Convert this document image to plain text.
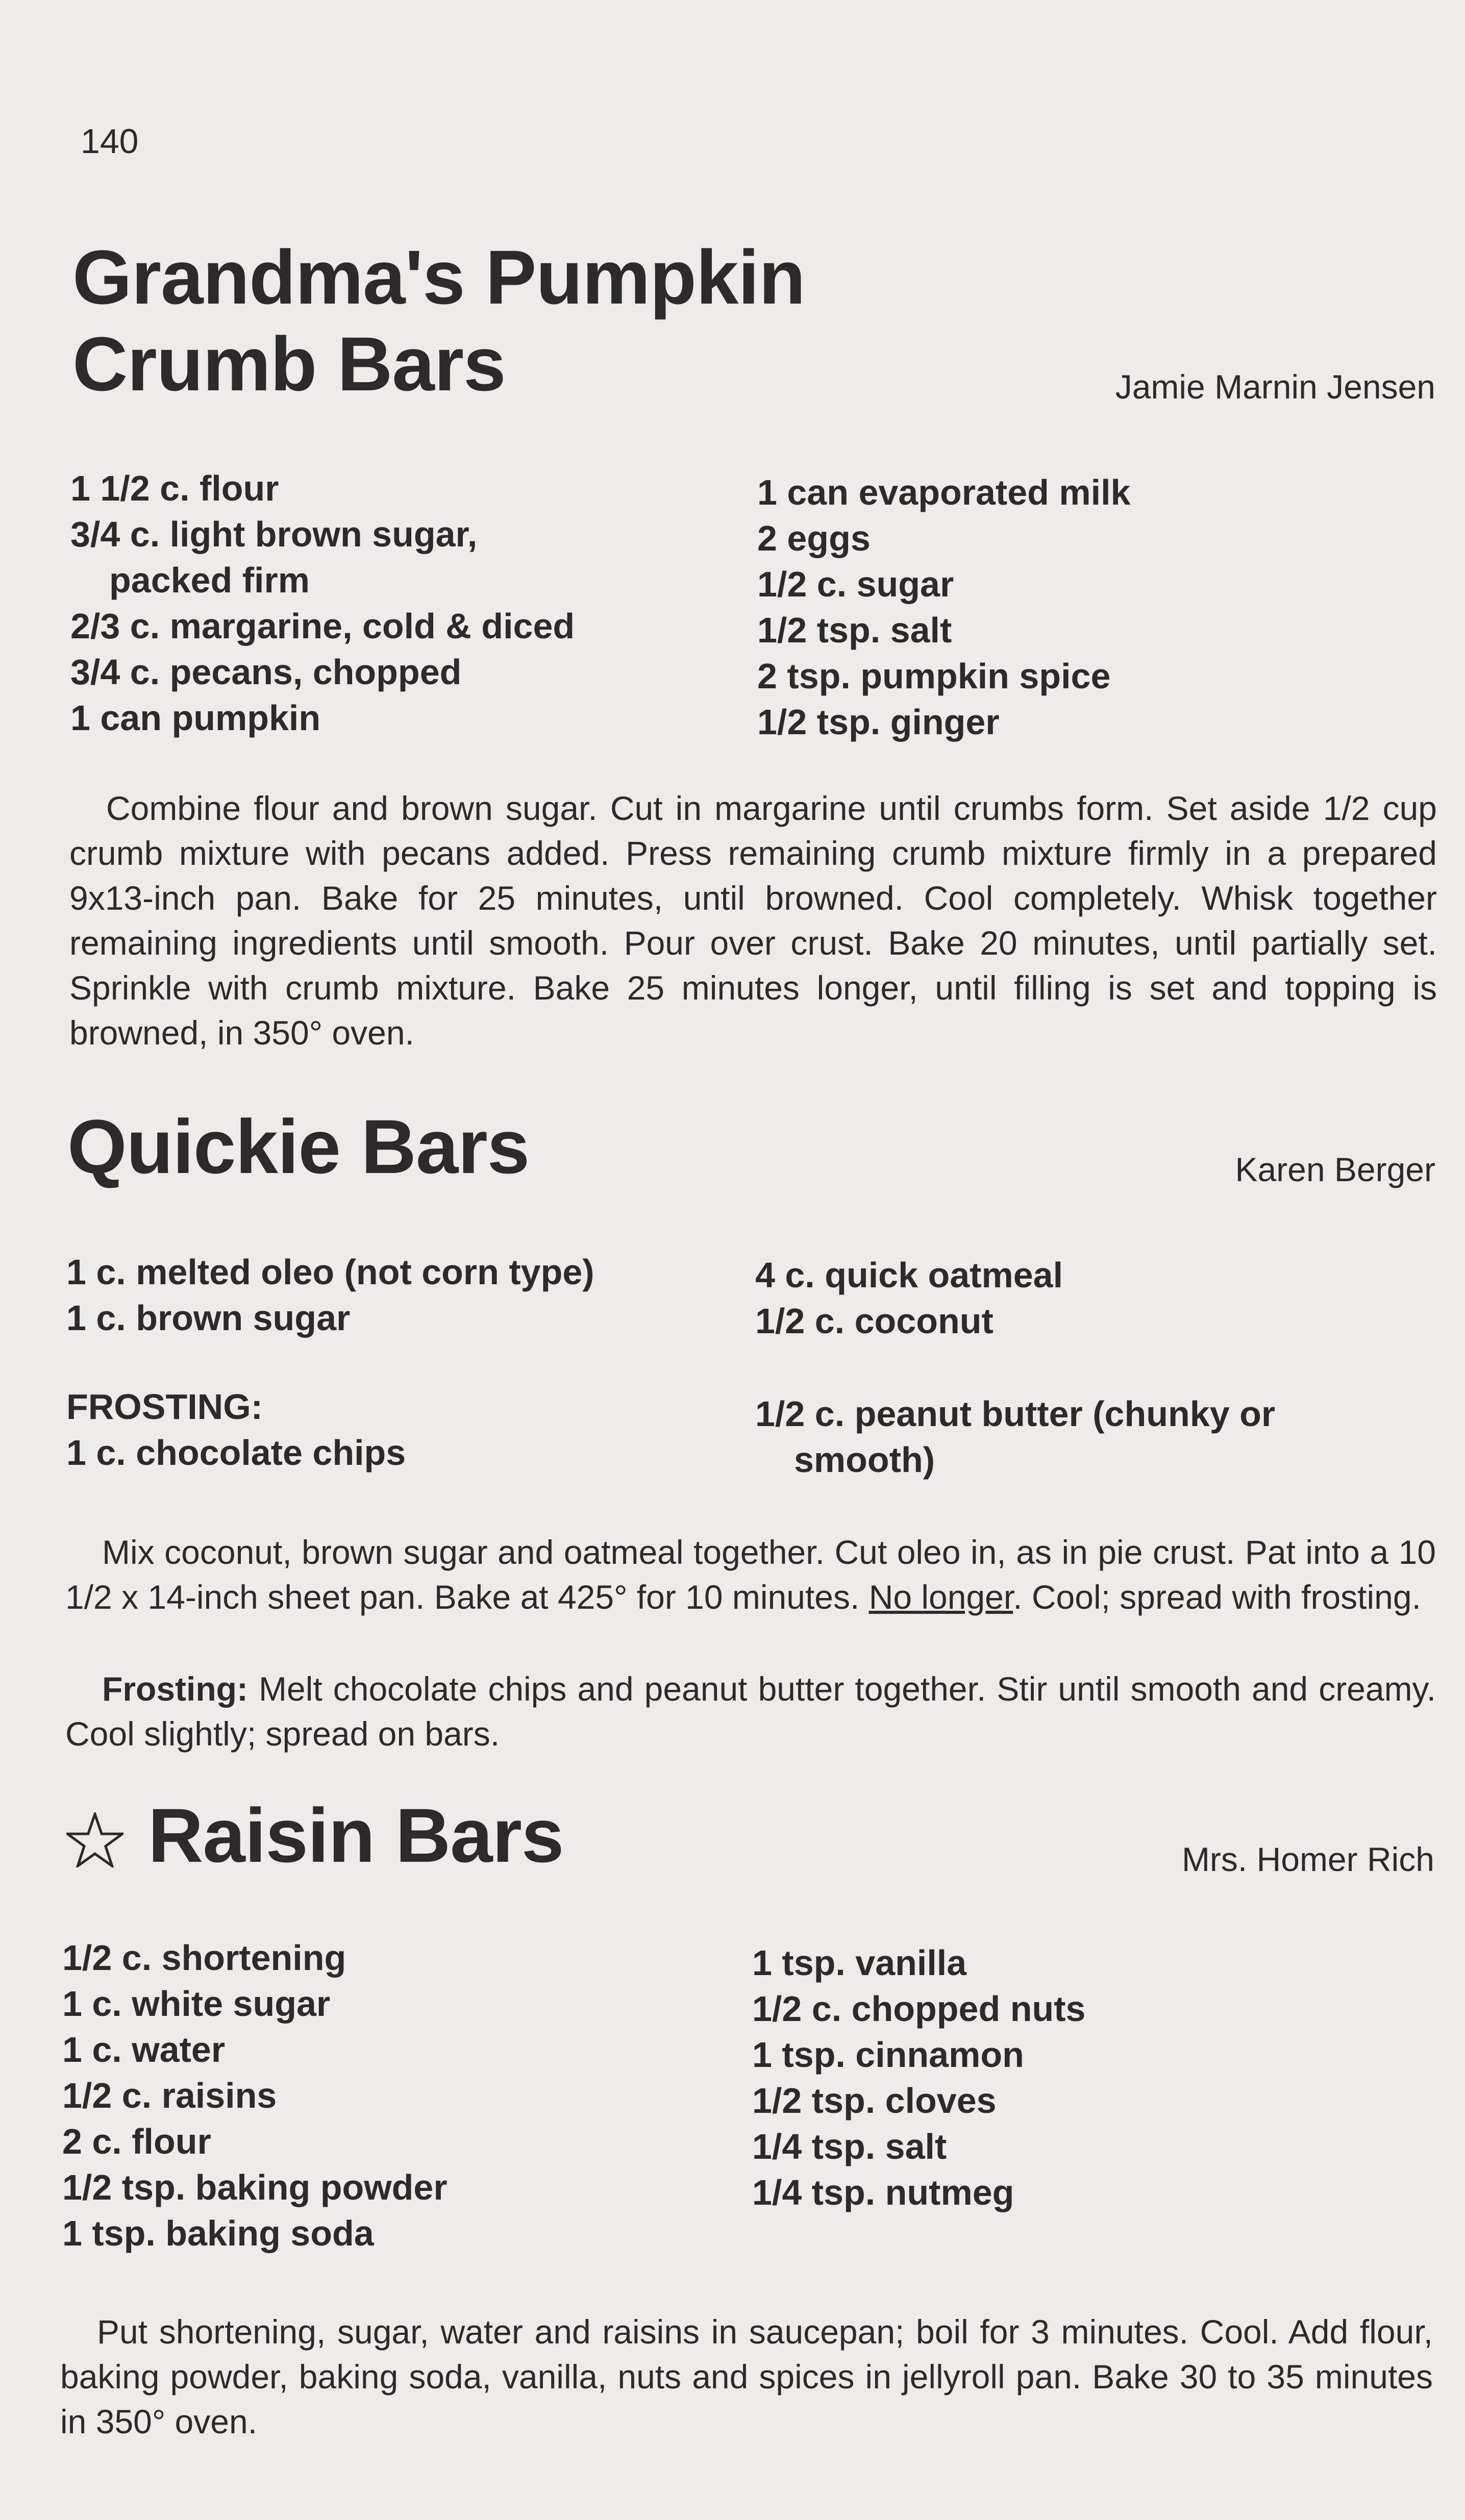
140
Grandma's Pumpkin
Crumb Bars	Jamie Marnin Jensen
1 1/2 c. flour
3/4 c. light brown sugar,
packed firm
2/3 c. margarine, cold & diced
3/4 c. pecans, chopped
1 can pumpkin
1 can evaporated milk
2 eggs
1/2 c. sugar
1/2 tsp. salt
2 tsp. pumpkin spice
1/2 tsp. ginger

Combine flour and brown sugar. Cut in margarine until crumbs form. Set aside 1/2 cup crumb mixture with pecans added. Press remaining crumb mixture firmly in a prepared 9x13-inch pan. Bake for 25 minutes, until browned. Cool completely. Whisk together remaining ingredients until smooth. Pour over crust. Bake 20 minutes, until partially set. Sprinkle with crumb mixture. Bake 25 minutes longer, until filling is set and topping is browned, in 350° oven.

Quickie Bars	Karen Berger
1 c. melted oleo (not corn type)
1 c. brown sugar
4 c. quick oatmeal
1/2 c. coconut
FROSTING:
1 c. chocolate chips
1/2 c. peanut butter (chunky or
smooth)

Mix coconut, brown sugar and oatmeal together. Cut oleo in, as in pie crust. Pat into a 10 1/2 x 14-inch sheet pan. Bake at 425° for 10 minutes. No longer. Cool; spread with frosting.

Frosting: Melt chocolate chips and peanut butter together. Stir until smooth and creamy. Cool slightly; spread on bars.

Raisin Bars	Mrs. Homer Rich
1/2 c. shortening
1 c. white sugar
1 c. water
1/2 c. raisins
2 c. flour
1/2 tsp. baking powder
1 tsp. baking soda
1 tsp. vanilla
1/2 c. chopped nuts
1 tsp. cinnamon
1/2 tsp. cloves
1/4 tsp. salt
1/4 tsp. nutmeg

Put shortening, sugar, water and raisins in saucepan; boil for 3 minutes. Cool. Add flour, baking powder, baking soda, vanilla, nuts and spices in jellyroll pan. Bake 30 to 35 minutes in 350° oven.
